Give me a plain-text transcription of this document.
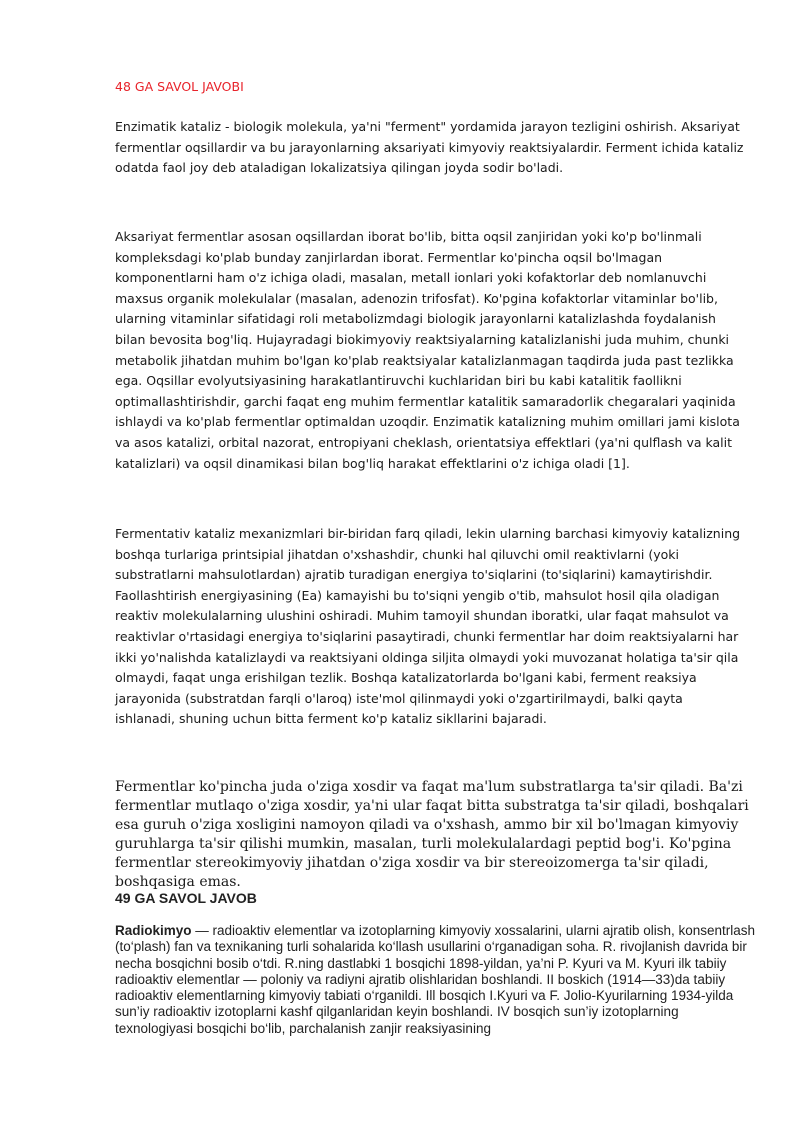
48 GA SAVOL JAVOBI

Enzimatik kataliz - biologik molekula, ya'ni "ferment" yordamida jarayon tezligini oshirish. Aksariyat fermentlar oqsillardir va bu jarayonlarning aksariyati kimyoviy reaktsiyalardir. Ferment ichida kataliz odatda faol joy deb ataladigan lokalizatsiya qilingan joyda sodir bo'ladi.

Aksariyat fermentlar asosan oqsillardan iborat bo'lib, bitta oqsil zanjiridan yoki ko'p bo'linmali kompleksdagi ko'plab bunday zanjirlardan iborat. Fermentlar ko'pincha oqsil bo'lmagan komponentlarni ham o'z ichiga oladi, masalan, metall ionlari yoki kofaktorlar deb nomlanuvchi maxsus organik molekulalar (masalan, adenozin trifosfat). Ko'pgina kofaktorlar vitaminlar bo'lib, ularning vitaminlar sifatidagi roli metabolizmdagi biologik jarayonlarni katalizlashda foydalanish bilan bevosita bog'liq. Hujayradagi biokimyoviy reaktsiyalarning katalizlanishi juda muhim, chunki metabolik jihatdan muhim bo'lgan ko'plab reaktsiyalar katalizlanmagan taqdirda juda past tezlikka ega. Oqsillar evolyutsiyasining harakatlantiruvchi kuchlaridan biri bu kabi katalitik faollikni optimallashtirishdir, garchi faqat eng muhim fermentlar katalitik samaradorlik chegaralari yaqinida ishlaydi va ko'plab fermentlar optimaldan uzoqdir. Enzimatik katalizning muhim omillari jami kislota va asos katalizi, orbital nazorat, entropiyani cheklash, orientatsiya effektlari (ya'ni qulflash va kalit katalizlari) va oqsil dinamikasi bilan bog'liq harakat effektlarini o'z ichiga oladi [1].

Fermentativ kataliz mexanizmlari bir-biridan farq qiladi, lekin ularning barchasi kimyoviy katalizning boshqa turlariga printsipial jihatdan o'xshashdir, chunki hal qiluvchi omil reaktivlarni (yoki substratlarni mahsulotlardan) ajratib turadigan energiya to'siqlarini (to'siqlarini) kamaytirishdir. Faollashtirish energiyasining (Ea) kamayishi bu to'siqni yengib o'tib, mahsulot hosil qila oladigan reaktiv molekulalarning ulushini oshiradi. Muhim tamoyil shundan iboratki, ular faqat mahsulot va reaktivlar o'rtasidagi energiya to'siqlarini pasaytiradi, chunki fermentlar har doim reaktsiyalarni har ikki yo'nalishda katalizlaydi va reaktsiyani oldinga siljita olmaydi yoki muvozanat holatiga ta'sir qila olmaydi, faqat unga erishilgan tezlik. Boshqa katalizatorlarda bo'lgani kabi, ferment reaksiya jarayonida (substratdan farqli o'laroq) iste'mol qilinmaydi yoki o'zgartirilmaydi, balki qayta ishlanadi, shuning uchun bitta ferment ko'p kataliz sikllarini bajaradi.

Fermentlar ko'pincha juda o'ziga xosdir va faqat ma'lum substratlarga ta'sir qiladi. Ba'zi fermentlar mutlaqo o'ziga xosdir, ya'ni ular faqat bitta substratga ta'sir qiladi, boshqalari esa guruh o'ziga xosligini namoyon qiladi va o'xshash, ammo bir xil bo'lmagan kimyoviy guruhlarga ta'sir qilishi mumkin, masalan, turli molekulalardagi peptid bog'i. Ko'pgina fermentlar stereokimyoviy jihatdan o'ziga xosdir va bir stereoizomerga ta'sir qiladi, boshqasiga emas.

49 GA SAVOL JAVOB

Radiokimyo — radioaktiv elementlar va izotoplarning kimyoviy xossalarini, ularni ajratib olish, konsentrlash (to‘plash) fan va texnikaning turli sohalarida ko‘llash usullarini o‘rganadigan soha. R. rivojlanish davrida bir necha bosqichni bosib o‘tdi. R.ning dastlabki 1 bosqichi 1898-yildan, ya’ni P. Kyuri va M. Kyuri ilk tabiiy radioaktiv elementlar — poloniy va radiyni ajratib olishlaridan boshlandi. II boskich (1914—33)da tabiiy radioaktiv elementlarning kimyoviy tabiati o‘rganildi. Ill bosqich I.Kyuri va F. Jolio-Kyurilarning 1934-yilda sun’iy radioaktiv izotoplarni kashf qilganlaridan keyin boshlandi. IV bosqich sun’iy izotoplarning texnologiyasi bosqichi bo‘lib, parchalanish zanjir reaksiyasining
